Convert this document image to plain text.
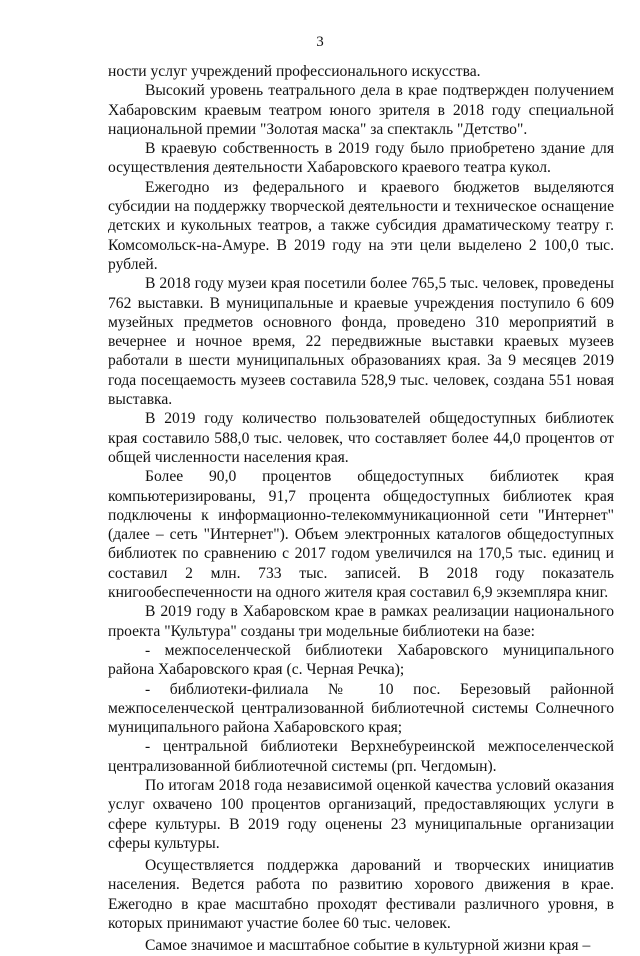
3

ности услуг учреждений профессионального искусства.

Высокий уровень театрального дела в крае подтвержден получением Хабаровским краевым театром юного зрителя в 2018 году специальной национальной премии "Золотая маска" за спектакль "Детство".

В краевую собственность в 2019 году было приобретено здание для осуществления деятельности Хабаровского краевого театра кукол.

Ежегодно из федерального и краевого бюджетов выделяются субсидии на поддержку творческой деятельности и техническое оснащение детских и кукольных театров, а также субсидия драматическому театру г. Комсомольск-на-Амуре. В 2019 году на эти цели выделено 2 100,0 тыс. рублей.

В 2018 году музеи края посетили более 765,5 тыс. человек, проведены 762 выставки. В муниципальные и краевые учреждения поступило 6 609 музейных предметов основного фонда, проведено 310 мероприятий в вечернее и ночное время, 22 передвижные выставки краевых музеев работали в шести муниципальных образованиях края. За 9 месяцев 2019 года посещаемость музеев составила 528,9 тыс. человек, создана 551 новая выставка.

В 2019 году количество пользователей общедоступных библиотек края составило 588,0 тыс. человек, что составляет более 44,0 процентов от общей численности населения края.

Более 90,0 процентов общедоступных библиотек края компьютеризированы, 91,7 процента общедоступных библиотек края подключены к информационно-телекоммуникационной сети "Интернет" (далее – сеть "Интернет"). Объем электронных каталогов общедоступных библиотек по сравнению с 2017 годом увеличился на 170,5 тыс. единиц и составил 2 млн. 733 тыс. записей. В 2018 году показатель книгообеспеченности на одного жителя края составил 6,9 экземпляра книг.

В 2019 году в Хабаровском крае в рамках реализации национального проекта "Культура" созданы три модельные библиотеки на базе:

- межпоселенческой библиотеки Хабаровского муниципального района Хабаровского края (с. Черная Речка);

- библиотеки-филиала № 10 пос. Березовый районной межпоселенческой централизованной библиотечной системы Солнечного муниципального района Хабаровского края;

- центральной библиотеки Верхнебуреинской межпоселенческой централизованной библиотечной системы (рп. Чегдомын).

По итогам 2018 года независимой оценкой качества условий оказания услуг охвачено 100 процентов организаций, предоставляющих услуги в сфере культуры. В 2019 году оценены 23 муниципальные организации сферы культуры.

Осуществляется поддержка дарований и творческих инициатив населения. Ведется работа по развитию хорового движения в крае. Ежегодно в крае масштабно проходят фестивали различного уровня, в которых принимают участие более 60 тыс. человек.

Самое значимое и масштабное событие в культурной жизни края –
